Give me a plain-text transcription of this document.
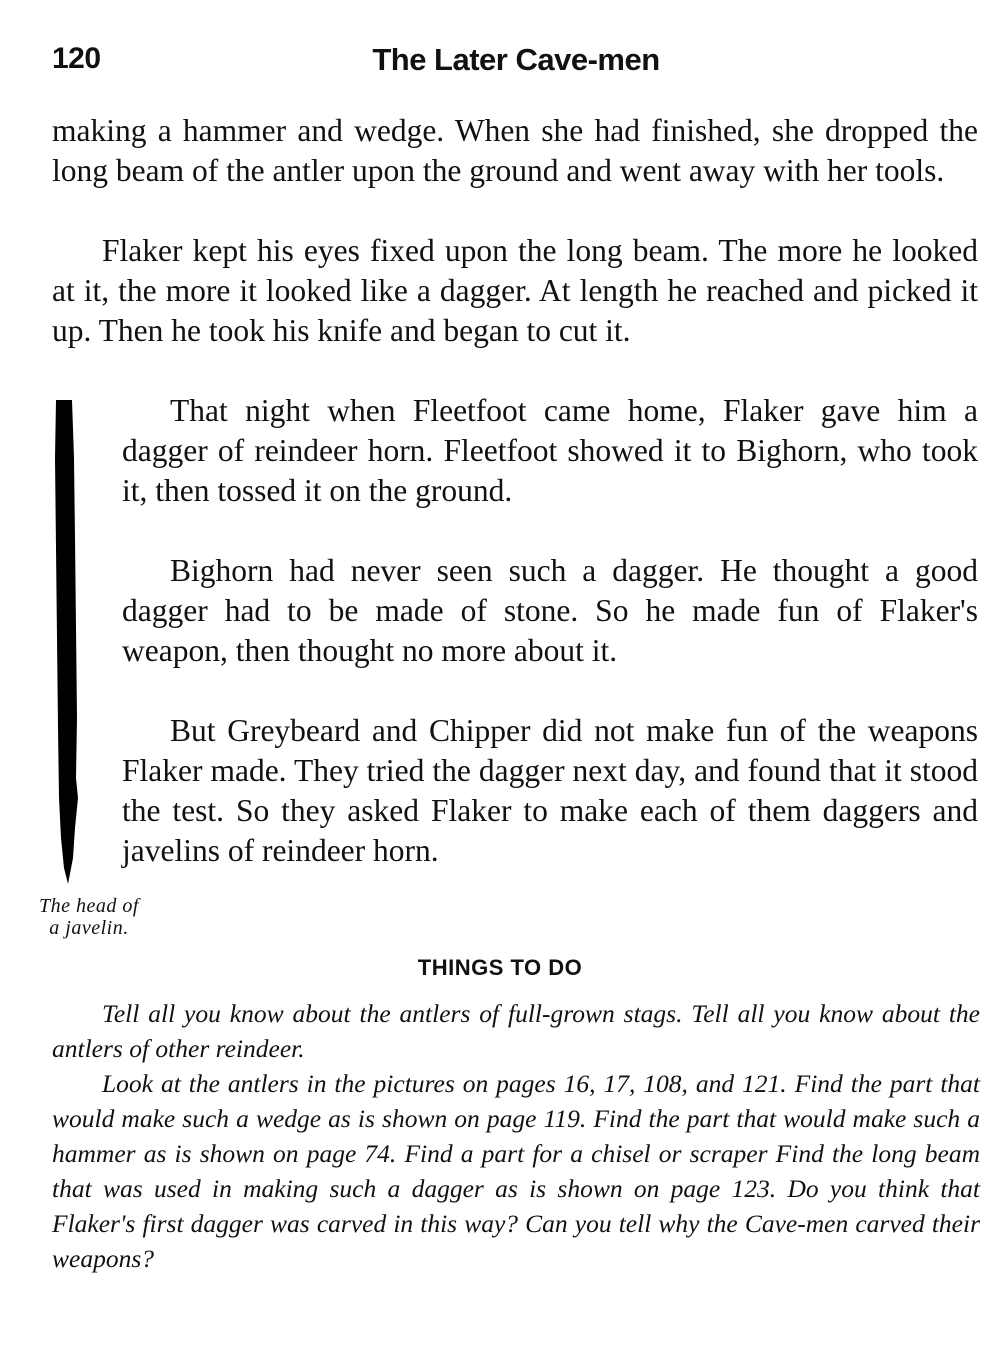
120	The Later Cave-men

making a hammer and wedge. When she had finished, she dropped the long beam of the antler upon the ground and went away with her tools.

Flaker kept his eyes fixed upon the long beam. The more he looked at it, the more it looked like a dagger. At length he reached and picked it up. Then he took his knife and began to cut it.

That night when Fleetfoot came home, Flaker gave him a dagger of reindeer horn. Fleetfoot showed it to Bighorn, who took it, then tossed it on the ground.

Bighorn had never seen such a dagger. He thought a good dagger had to be made of stone. So he made fun of Flaker's weapon, then thought no more about it.

But Greybeard and Chipper did not make fun of the weapons Flaker made. They tried the dagger next day, and found that it stood the test. So they asked Flaker to make each of them daggers and javelins of reindeer horn.

The head of
a javelin.
THINGS TO DO

Tell all you know about the antlers of full-grown stags. Tell all you know about the antlers of other reindeer.

Look at the antlers in the pictures on pages 16, 17, 108, and 121. Find the part that would make such a wedge as is shown on page 119. Find the part that would make such a hammer as is shown on page 74. Find a part for a chisel or scraper Find the long beam that was used in making such a dagger as is shown on page 123. Do you think that Flaker's first dagger was carved in this way? Can you tell why the Cave-men carved their weapons?
